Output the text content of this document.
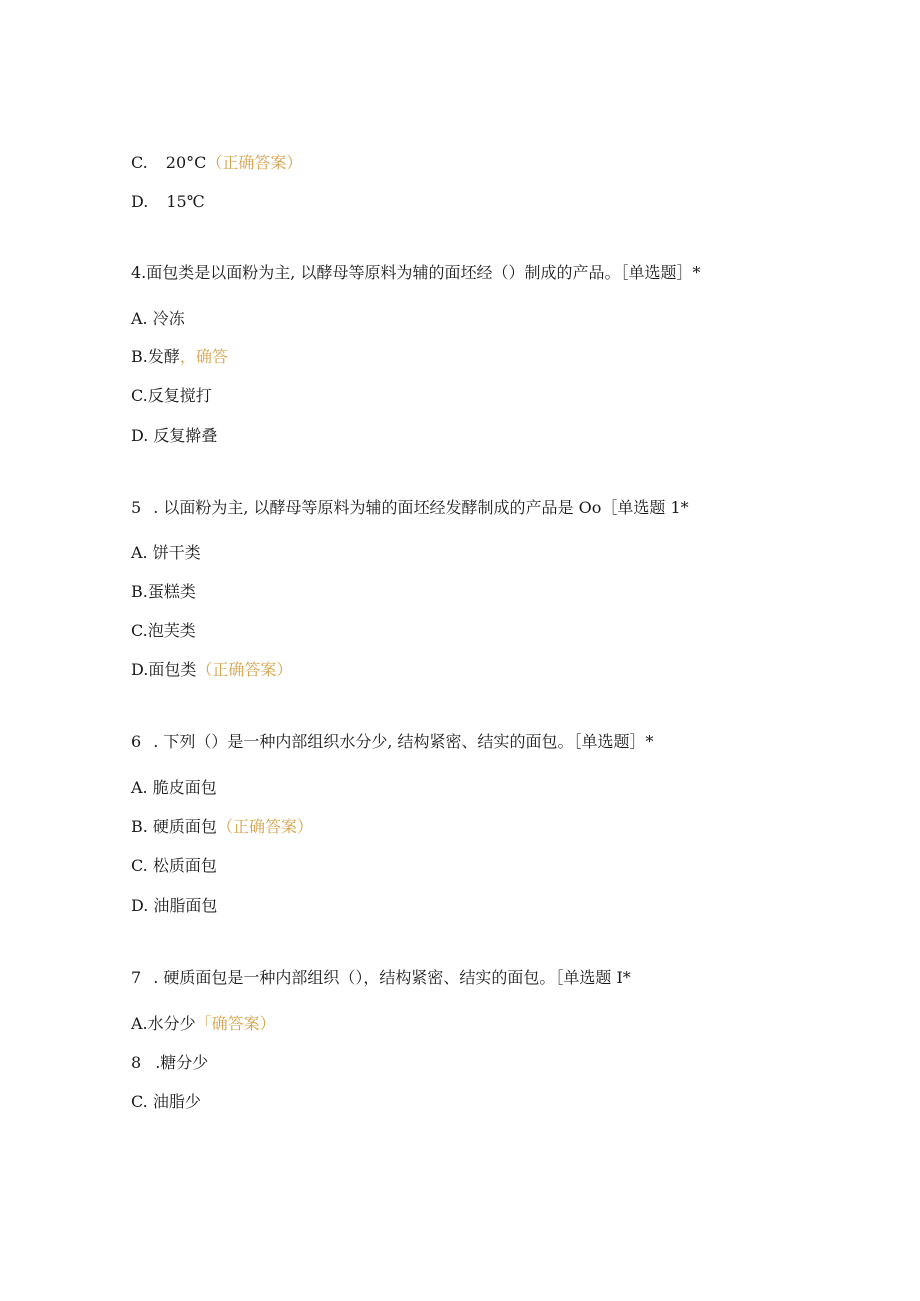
C. 20°C（正确答案）
D. 15℃
4.面包类是以面粉为主, 以酵母等原料为辅的面坯经（）制成的产品。［单选题］*
A. 冷冻
B.发酵，确答
C.反复搅打
D. 反复擀叠
5 . 以面粉为主, 以酵母等原料为辅的面坯经发酵制成的产品是 Oo［单选题 1*
A. 饼干类
B.蛋糕类
C.泡芙类
D.面包类（正确答案）
6 . 下列（）是一种内部组织水分少, 结构紧密、结实的面包。［单选题］*
A. 脆皮面包
B. 硬质面包（正确答案）
C. 松质面包
D. 油脂面包
7 . 硬质面包是一种内部组织（），结构紧密、结实的面包。［单选题 I*
A.水分少「确答案）
8 .糖分少
C. 油脂少
